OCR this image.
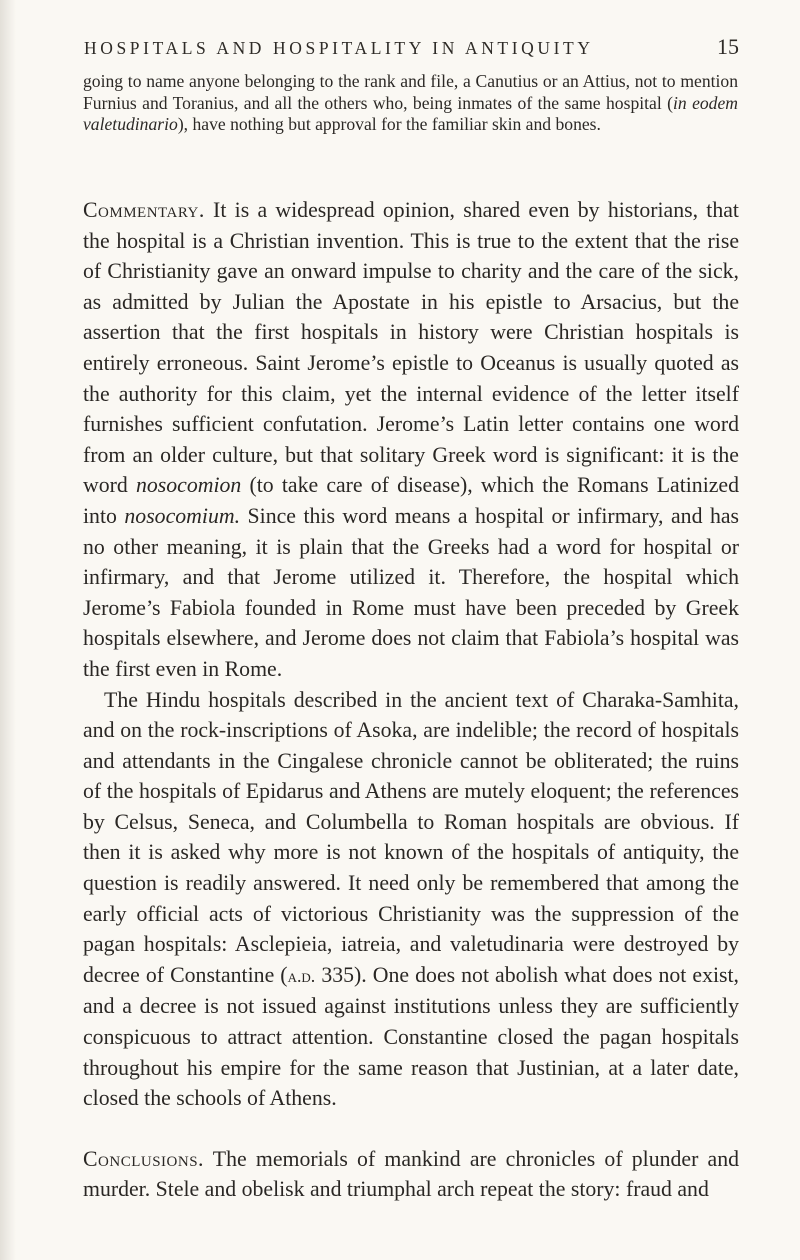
HOSPITALS AND HOSPITALITY IN ANTIQUITY	15
going to name anyone belonging to the rank and file, a Canutius or an Attius, not to mention Furnius and Toranius, and all the others who, being inmates of the same hospital (in eodem valetudinario), have nothing but approval for the familiar skin and bones.

Commentary. It is a widespread opinion, shared even by historians, that the hospital is a Christian invention. This is true to the extent that the rise of Christianity gave an onward impulse to charity and the care of the sick, as admitted by Julian the Apostate in his epistle to Arsacius, but the assertion that the first hospitals in history were Christian hospitals is entirely erroneous. Saint Jerome’s epistle to Oceanus is usually quoted as the authority for this claim, yet the internal evidence of the letter itself furnishes sufficient confutation. Jerome’s Latin letter contains one word from an older culture, but that solitary Greek word is significant: it is the word nosocomion (to take care of disease), which the Romans Latinized into nosocomium. Since this word means a hospital or infirmary, and has no other meaning, it is plain that the Greeks had a word for hospital or infirmary, and that Jerome utilized it. Therefore, the hospital which Jerome’s Fabiola founded in Rome must have been preceded by Greek hospitals elsewhere, and Jerome does not claim that Fabiola’s hospital was the first even in Rome.

The Hindu hospitals described in the ancient text of Charaka-Samhita, and on the rock-inscriptions of Asoka, are indelible; the record of hospitals and attendants in the Cingalese chronicle cannot be obliterated; the ruins of the hospitals of Epidarus and Athens are mutely eloquent; the references by Celsus, Seneca, and Columbella to Roman hospitals are obvious. If then it is asked why more is not known of the hospitals of antiquity, the question is readily answered. It need only be remembered that among the early official acts of victorious Christianity was the suppression of the pagan hospitals: Asclepieia, iatreia, and valetudinaria were destroyed by decree of Constantine (a.d. 335). One does not abolish what does not exist, and a decree is not issued against institutions unless they are sufficiently conspicuous to attract attention. Constantine closed the pagan hospitals throughout his empire for the same reason that Justinian, at a later date, closed the schools of Athens.

Conclusions. The memorials of mankind are chronicles of plunder and murder. Stele and obelisk and triumphal arch repeat the story: fraud and
